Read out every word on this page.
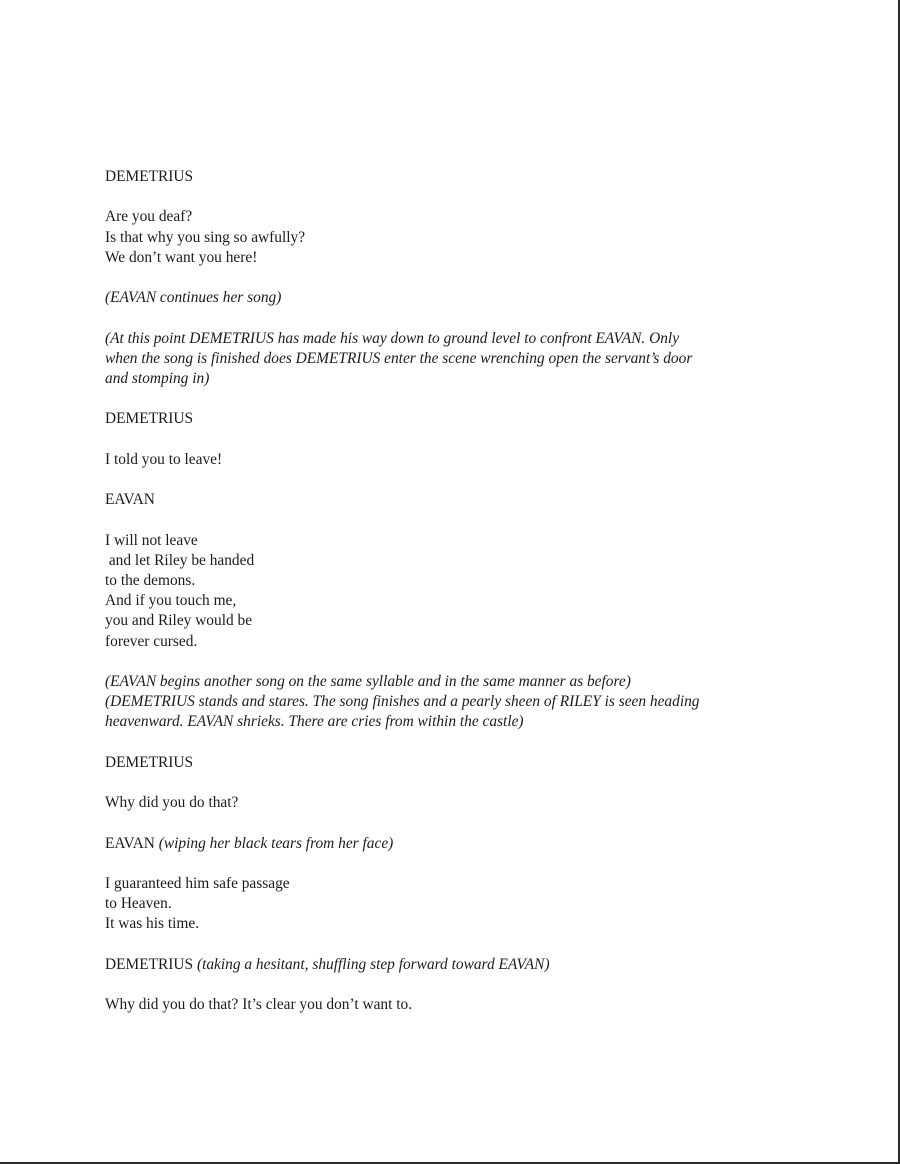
DEMETRIUS
Are you deaf?
Is that why you sing so awfully?
We don’t want you here!
(EAVAN continues her song)
(At this point DEMETRIUS has made his way down to ground level to confront EAVAN. Only
when the song is finished does DEMETRIUS enter the scene wrenching open the servant’s door
and stomping in)
DEMETRIUS
I told you to leave!
EAVAN
I will not leave
and let Riley be handed
to the demons.
And if you touch me,
you and Riley would be
forever cursed.
(EAVAN begins another song on the same syllable and in the same manner as before)
(DEMETRIUS stands and stares. The song finishes and a pearly sheen of RILEY is seen heading
heavenward. EAVAN shrieks. There are cries from within the castle)
DEMETRIUS
Why did you do that?
EAVAN (wiping her black tears from her face)
I guaranteed him safe passage
to Heaven.
It was his time.
DEMETRIUS (taking a hesitant, shuffling step forward toward EAVAN)
Why did you do that? It’s clear you don’t want to.
